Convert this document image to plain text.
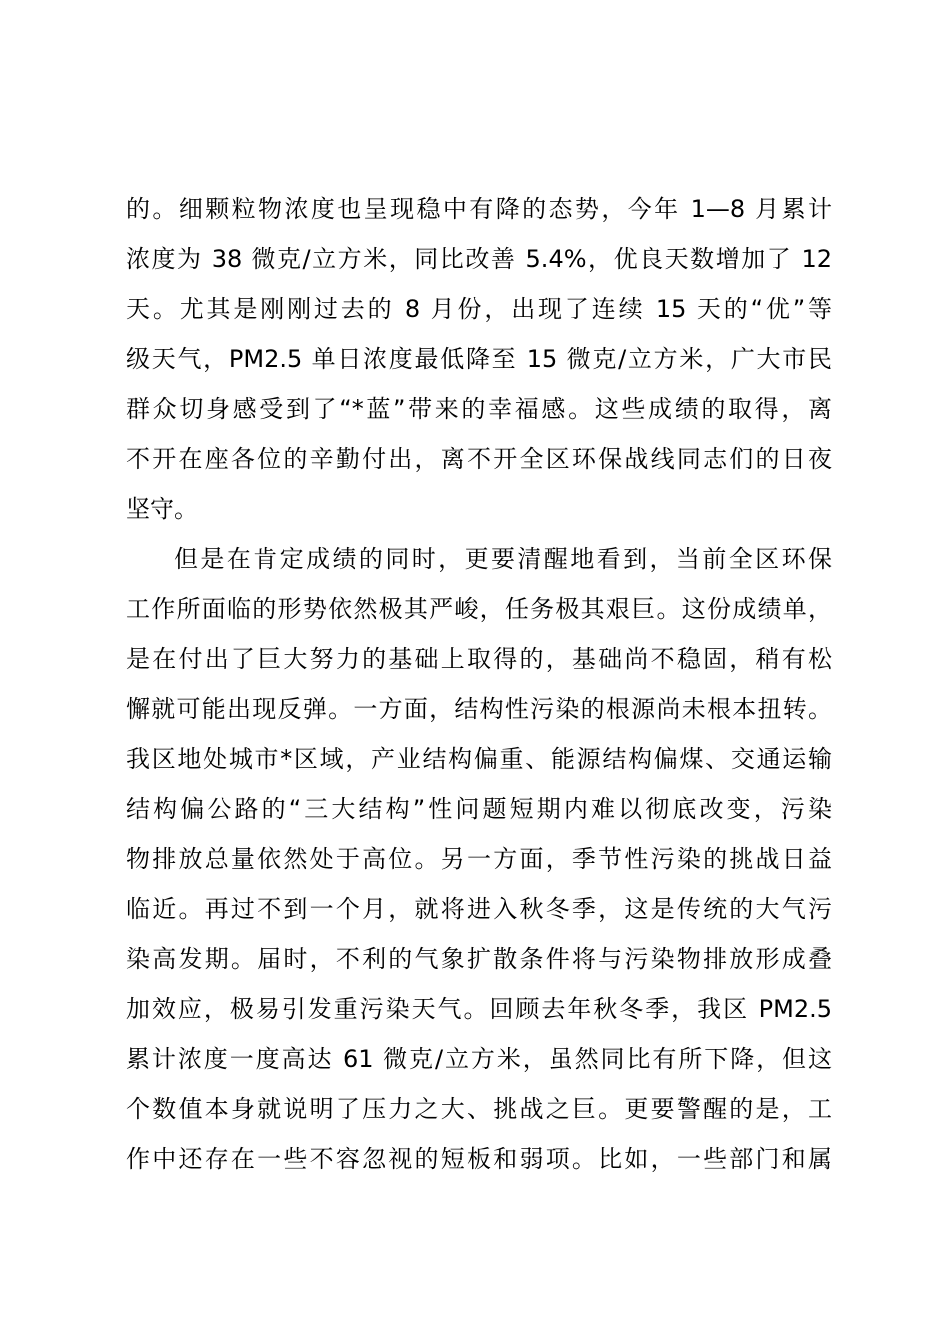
的。细颗粒物浓度也呈现稳中有降的态势，今年 1—8 月累计
浓度为 38 微克/立方米，同比改善 5.4%，优良天数增加了 12
天。尤其是刚刚过去的 8 月份，出现了连续 15 天的“优”等
级天气，PM2.5 单日浓度最低降至 15 微克/立方米，广大市民
群众切身感受到了“*蓝”带来的幸福感。这些成绩的取得，离
不开在座各位的辛勤付出，离不开全区环保战线同志们的日夜
坚守。
但是在肯定成绩的同时，更要清醒地看到，当前全区环保
工作所面临的形势依然极其严峻，任务极其艰巨。这份成绩单，
是在付出了巨大努力的基础上取得的，基础尚不稳固，稍有松
懈就可能出现反弹。一方面，结构性污染的根源尚未根本扭转。
我区地处城市*区域，产业结构偏重、能源结构偏煤、交通运输
结构偏公路的“三大结构”性问题短期内难以彻底改变，污染
物排放总量依然处于高位。另一方面，季节性污染的挑战日益
临近。再过不到一个月，就将进入秋冬季，这是传统的大气污
染高发期。届时，不利的气象扩散条件将与污染物排放形成叠
加效应，极易引发重污染天气。回顾去年秋冬季，我区 PM2.5
累计浓度一度高达 61 微克/立方米，虽然同比有所下降，但这
个数值本身就说明了压力之大、挑战之巨。更要警醒的是，工
作中还存在一些不容忽视的短板和弱项。比如，一些部门和属
